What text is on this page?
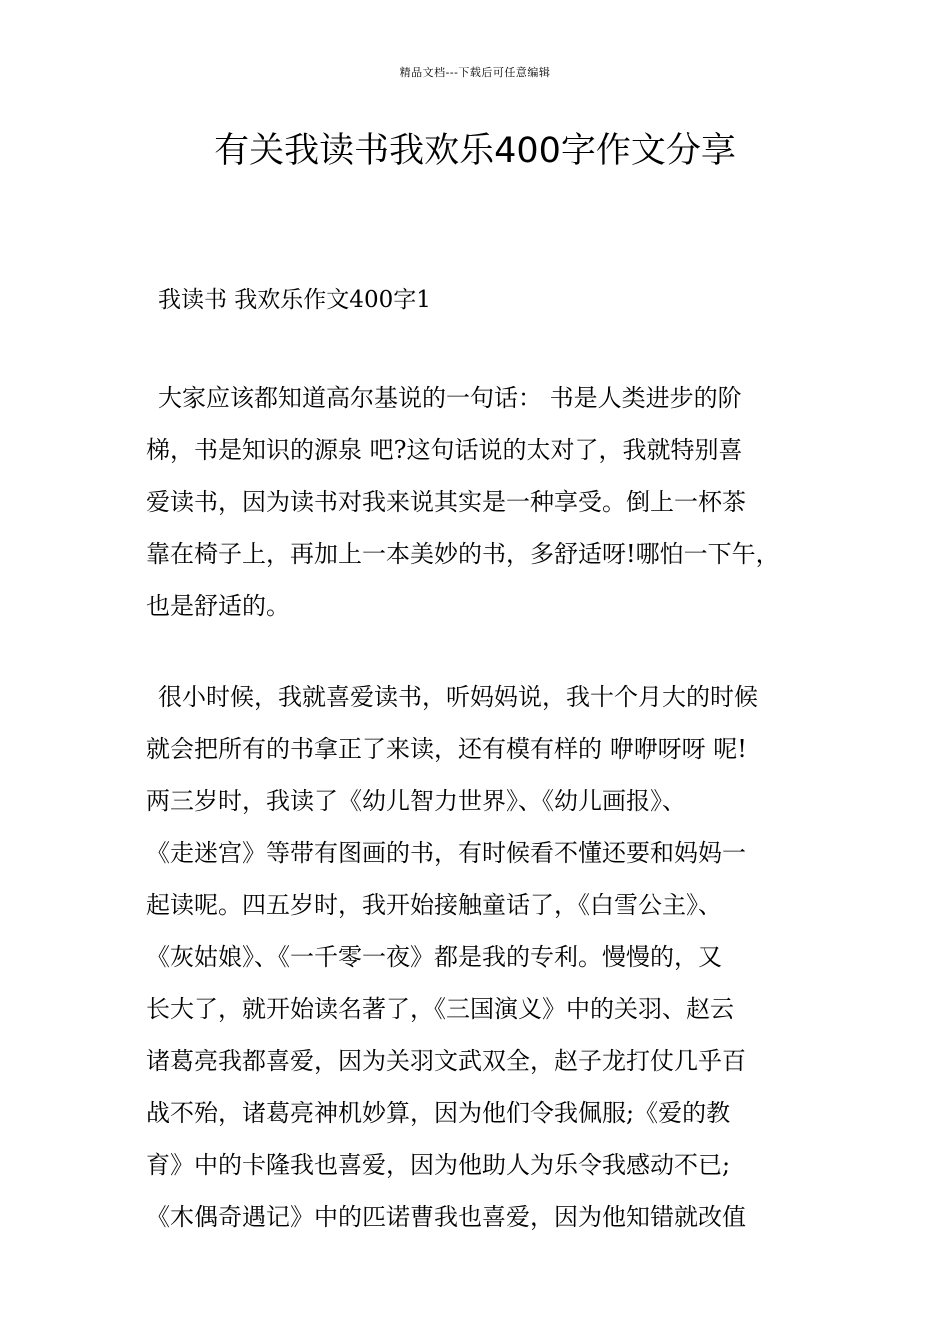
精品文档---下载后可任意编辑
有关我读书我欢乐400字作文分享

我读书 我欢乐作文400字1

大家应该都知道高尔基说的一句话： 书是人类进步的阶
梯，书是知识的源泉 吧?这句话说的太对了，我就特别喜
爱读书，因为读书对我来说其实是一种享受。倒上一杯茶
靠在椅子上，再加上一本美妙的书，多舒适呀!哪怕一下午，
也是舒适的。
很小时候，我就喜爱读书，听妈妈说，我十个月大的时候
就会把所有的书拿正了来读，还有模有样的 咿咿呀呀 呢!
两三岁时，我读了《幼儿智力世界》、《幼儿画报》、
《走迷宫》等带有图画的书，有时候看不懂还要和妈妈一
起读呢。四五岁时，我开始接触童话了，《白雪公主》、
《灰姑娘》、《一千零一夜》都是我的专利。慢慢的，又
长大了，就开始读名著了，《三国演义》中的关羽、赵云
诸葛亮我都喜爱，因为关羽文武双全，赵子龙打仗几乎百
战不殆，诸葛亮神机妙算，因为他们令我佩服;《爱的教
育》中的卡隆我也喜爱，因为他助人为乐令我感动不已;
《木偶奇遇记》中的匹诺曹我也喜爱，因为他知错就改值
